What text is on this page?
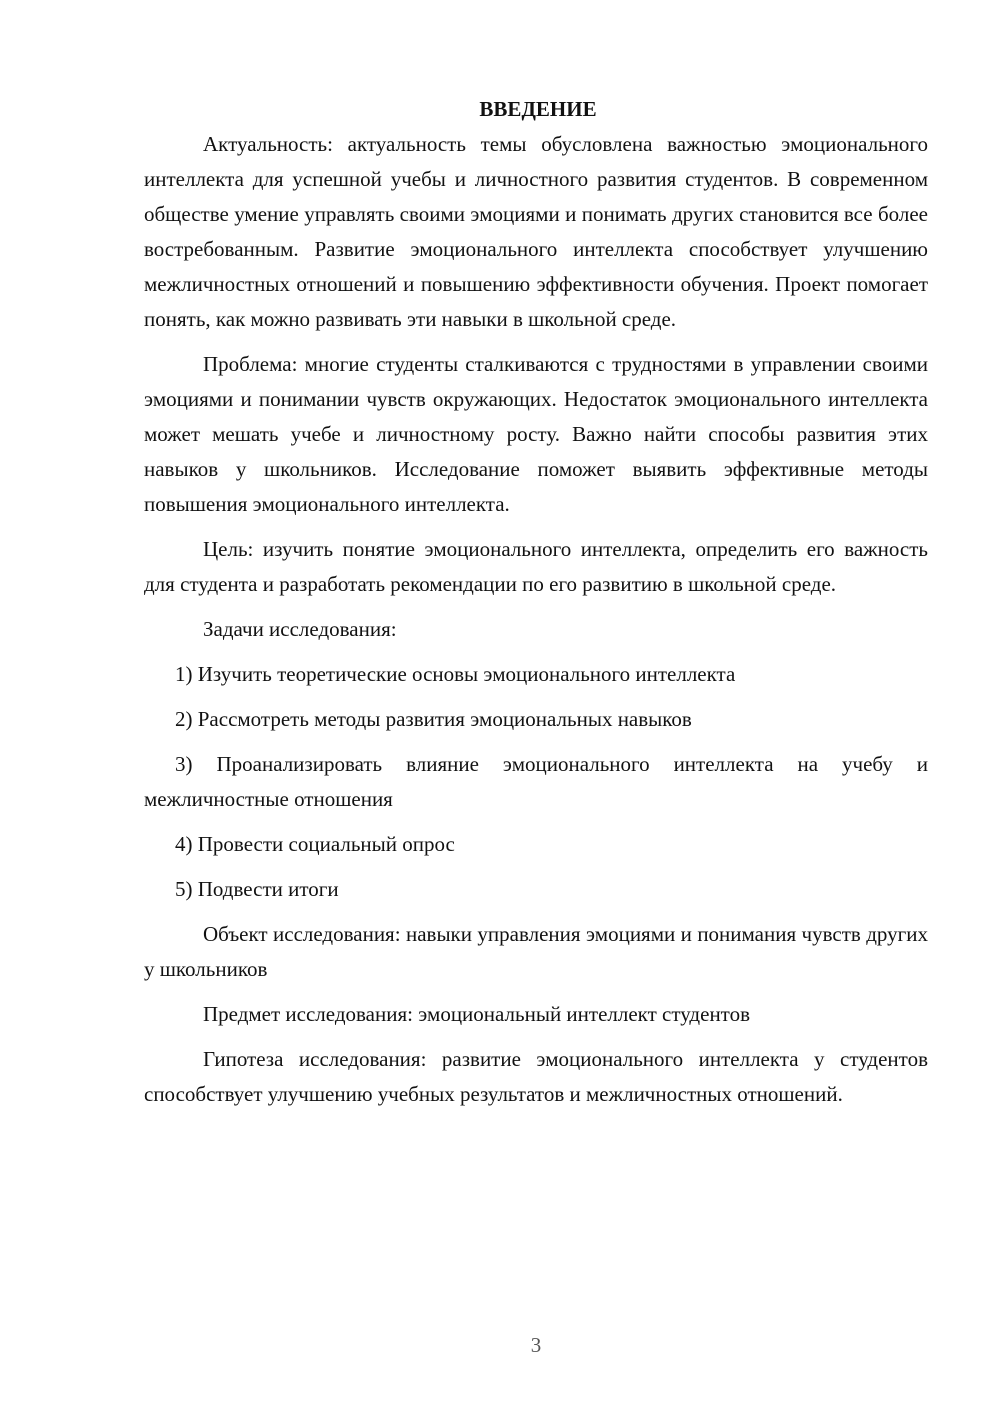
ВВЕДЕНИЕ

Актуальность: актуальность темы обусловлена важностью эмоционального интеллекта для успешной учебы и личностного развития студентов. В современном обществе умение управлять своими эмоциями и понимать других становится все более востребованным. Развитие эмоционального интеллекта способствует улучшению межличностных отношений и повышению эффективности обучения. Проект помогает понять, как можно развивать эти навыки в школьной среде.

Проблема: многие студенты сталкиваются с трудностями в управлении своими эмоциями и понимании чувств окружающих. Недостаток эмоционального интеллекта может мешать учебе и личностному росту. Важно найти способы развития этих навыков у школьников. Исследование поможет выявить эффективные методы повышения эмоционального интеллекта.

Цель: изучить понятие эмоционального интеллекта, определить его важность для студента и разработать рекомендации по его развитию в школьной среде.

Задачи исследования:

1) Изучить теоретические основы эмоционального интеллекта

2) Рассмотреть методы развития эмоциональных навыков

3) Проанализировать влияние эмоционального интеллекта на учебу и межличностные отношения

4) Провести социальный опрос

5) Подвести итоги

Объект исследования: навыки управления эмоциями и понимания чувств других у школьников

Предмет исследования: эмоциональный интеллект студентов

Гипотеза исследования: развитие эмоционального интеллекта у студентов способствует улучшению учебных результатов и межличностных отношений.

3
